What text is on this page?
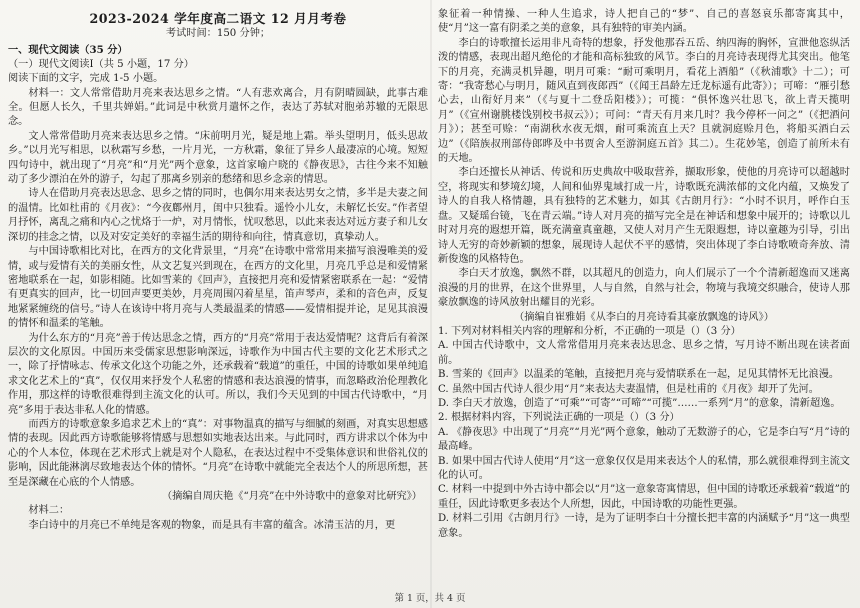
2023-2024 学年度高二语文 12 月月考卷

考试时间：150 分钟；

一、现代文阅读（35 分）

（一）现代文阅读Ⅰ（共 5 小题，17 分）

阅读下面的文字，完成 1-5 小题。

材料一：文人常常借助月亮来表达思乡之情。“人有悲欢离合，月有阴晴圆缺，此事古难全。但愿人长久，千里共婵娟。”此词是中秋赏月遣怀之作，表达了苏轼对胞弟苏辙的无限思念。

文人常常借助月亮来表达思乡之情。“床前明月光，疑是地上霜。举头望明月，低头思故乡。”以月光写相思，以秋霜写乡愁，一片月光，一方秋霜，象征了异乡人最凄凉的心境。短短四句诗中，就出现了“月亮”和“月光”两个意象，这首家喻户晓的《静夜思》，古往今来不知触动了多少漂泊在外的游子，勾起了那离乡别亲的愁绪和思乡念亲的情思。

诗人在借助月亮表达思念、思乡之情的同时，也偶尔用来表达男女之情，多半是夫妻之间的温情。比如杜甫的《月夜》：“今夜鄜州月，闺中只独看。遥怜小儿女，未解忆长安。”作者望月抒怀，离乱之痛和内心之忧烙于一炉，对月情怅，忧叹愁思，以此来表达对远方妻子和儿女深切的挂念之情，以及对安定美好的幸福生活的期待和向往，情真意切，真挚动人。

与中国诗歌相比对比，在西方的文化背景里，“月亮”在诗歌中常常用来描写浪漫唯美的爱情，或与爱情有关的美丽女性，从文艺复兴到现在，在西方的文化里，月亮几乎总是和爱情紧密地联系在一起，如影相随。比如雪莱的《回声》，直接把月亮和爱情紧密联系在一起：“爱情有更真实的回声，比一切回声要更美妙，月亮周围闪着星星，笛声琴声，柔和的音色声，反复地紧紧缠绕的信号。”诗人在该诗中将月亮与人类最温柔的情感——爱情相提并论，足见其浪漫的情怀和温柔的笔触。

为什么东方的“月亮”善于传达思念之情，西方的“月亮”常用于表达爱情呢？这背后有着深层次的文化原因。中国历来受儒家思想影响深远，诗歌作为中国古代主要的文化艺术形式之一，除了抒情咏志、传承文化这个功能之外，还承载着“载道”的重任，中国的诗歌如果单纯追求文化艺术上的“真”，仅仅用来抒发个人私密的情感和表达浪漫的情事，而忽略政治伦理教化作用，那这样的诗歌很难得到主流文化的认可。所以，我们今天见到的中国古代诗歌中，“月亮”多用于表达非私人化的情感。

而西方的诗歌意象多追求艺术上的“真”：对事物温真的描写与细腻的刻画，对真实思想感情的表现。因此西方诗歌能够将情感与思想如实地表达出来。与此同时，西方讲求以个体为中心的个人本位，体现在艺术形式上就是对个人隐私，在表达过程中不受集体意识和世俗礼仪的影响，因此能淋漓尽致地表达个体的情怀。“月亮”在诗歌中就能完全表达个人的所思所想，甚至是深藏在心底的个人情感。

（摘编自周庆艳《“月亮”在中外诗歌中的意象对比研究》）

材料二：

李白诗中的月亮已不单纯是客观的物象，而是具有丰富的蕴含。冰清玉洁的月，更

象征着一种情操、一种人生追求，诗人把自己的“梦”、自己的喜怒哀乐都寄寓其中，使“月”这一富有阴柔之美的意象，具有独特的审美内涵。

李白的诗歌擅长运用非凡奇特的想象，抒发他那吞五岳、纳四海的胸怀，宣泄他恣纵活泼的情感，表现出超凡绝伦的才能和高标独致的风节。李白的月亮诗表现得尤其突出。他笔下的月亮，充满灵机异趣，明月可乘：“耐可乘明月，看花上酒船”（《秋浦歌》十二）；可寄：“我寄愁心与明月，随风直到夜郎西”（《闻王昌龄左迁龙标遥有此寄》）；可啼：“雁引愁心去，山衔好月来”（《与夏十二登岳阳楼》）；可揽：“俱怀逸兴壮思飞，欲上青天揽明月”（《宣州谢朓楼饯别校书叔云》）；可问：“青天有月来几时？我今停杯一问之”（《把酒问月》）；甚至可赊：“南湖秋水夜无烟，耐可乘流直上天？且就洞庭赊月色，将船买酒白云边”（《陪族叔刑部侍郎晔及中书贾舍人至游洞庭五首》其二）。生花妙笔，创造了前所未有的天地。

李白还擅长从神话、传说和历史典故中吸取营养，撷取形象，使他的月亮诗可以超越时空，将现实和梦境幻境，人间和仙界鬼域打成一片，诗歌既充满浓郁的文化内蕴，又焕发了诗人的自我人格情趣，具有独特的艺术魅力，如其《古朗月行》：“小时不识月，呼作白玉盘。又疑瑶台镜，飞在青云端。”诗人对月亮的描写完全是在神话和想象中展开的；诗歌以儿时对月亮的遐想开篇，既充满童真童趣，又使人对月产生无限遐想，诗以童趣为引导，引出诗人无穷的奇妙新颖的想象，展现诗人起伏不平的感情，突出体现了李白诗歌喷奇奔放、清新俊逸的风格特色。

李白天才放逸，飘然不群，以其超凡的创造力，向人们展示了一个个清新超逸而又迷离浪漫的月的世界，在这个世界里，人与自然，自然与社会，物境与我境交织融合，使诗人那豪放飘逸的诗风放射出耀目的光彩。

（摘编自崔雅娟《从李白的月亮诗看其豪放飘逸的诗风》）

1. 下列对材料相关内容的理解和分析，不正确的一项是（）（3 分）

A. 中国古代诗歌中，文人常常借用月亮来表达思念、思乡之情，写月诗不断出现在读者面前。

B. 雪莱的《回声》以温柔的笔触，直接把月亮与爱情联系在一起，足见其情怀无比浪漫。

C. 虽然中国古代诗人很少用“月”来表达夫妻温情，但是杜甫的《月夜》却开了先河。

D. 李白天才放逸，创造了“可乘”“可寄”“可啼”“可揽”……一系列“月”的意象，清新超逸。

2. 根据材料内容，下列说法正确的一项是（）（3 分）

A. 《静夜思》中出现了“月亮”“月光”两个意象，触动了无数游子的心，它是李白写“月”诗的最高峰。

B. 如果中国古代诗人使用“月”这一意象仅仅是用来表达个人的私情，那么就很难得到主流文化的认可。

C. 材料一中提到中外古诗中都会以“月”这一意象寄寓情思，但中国的诗歌还承载着“载道”的重任，因此诗歌更多表达个人所想，因此，中国诗歌的功能性更强。

D. 材料二引用《古朗月行》一诗，是为了证明李白十分擅长把丰富的内涵赋予“月”这一典型意象。

第 1 页，共 4 页
